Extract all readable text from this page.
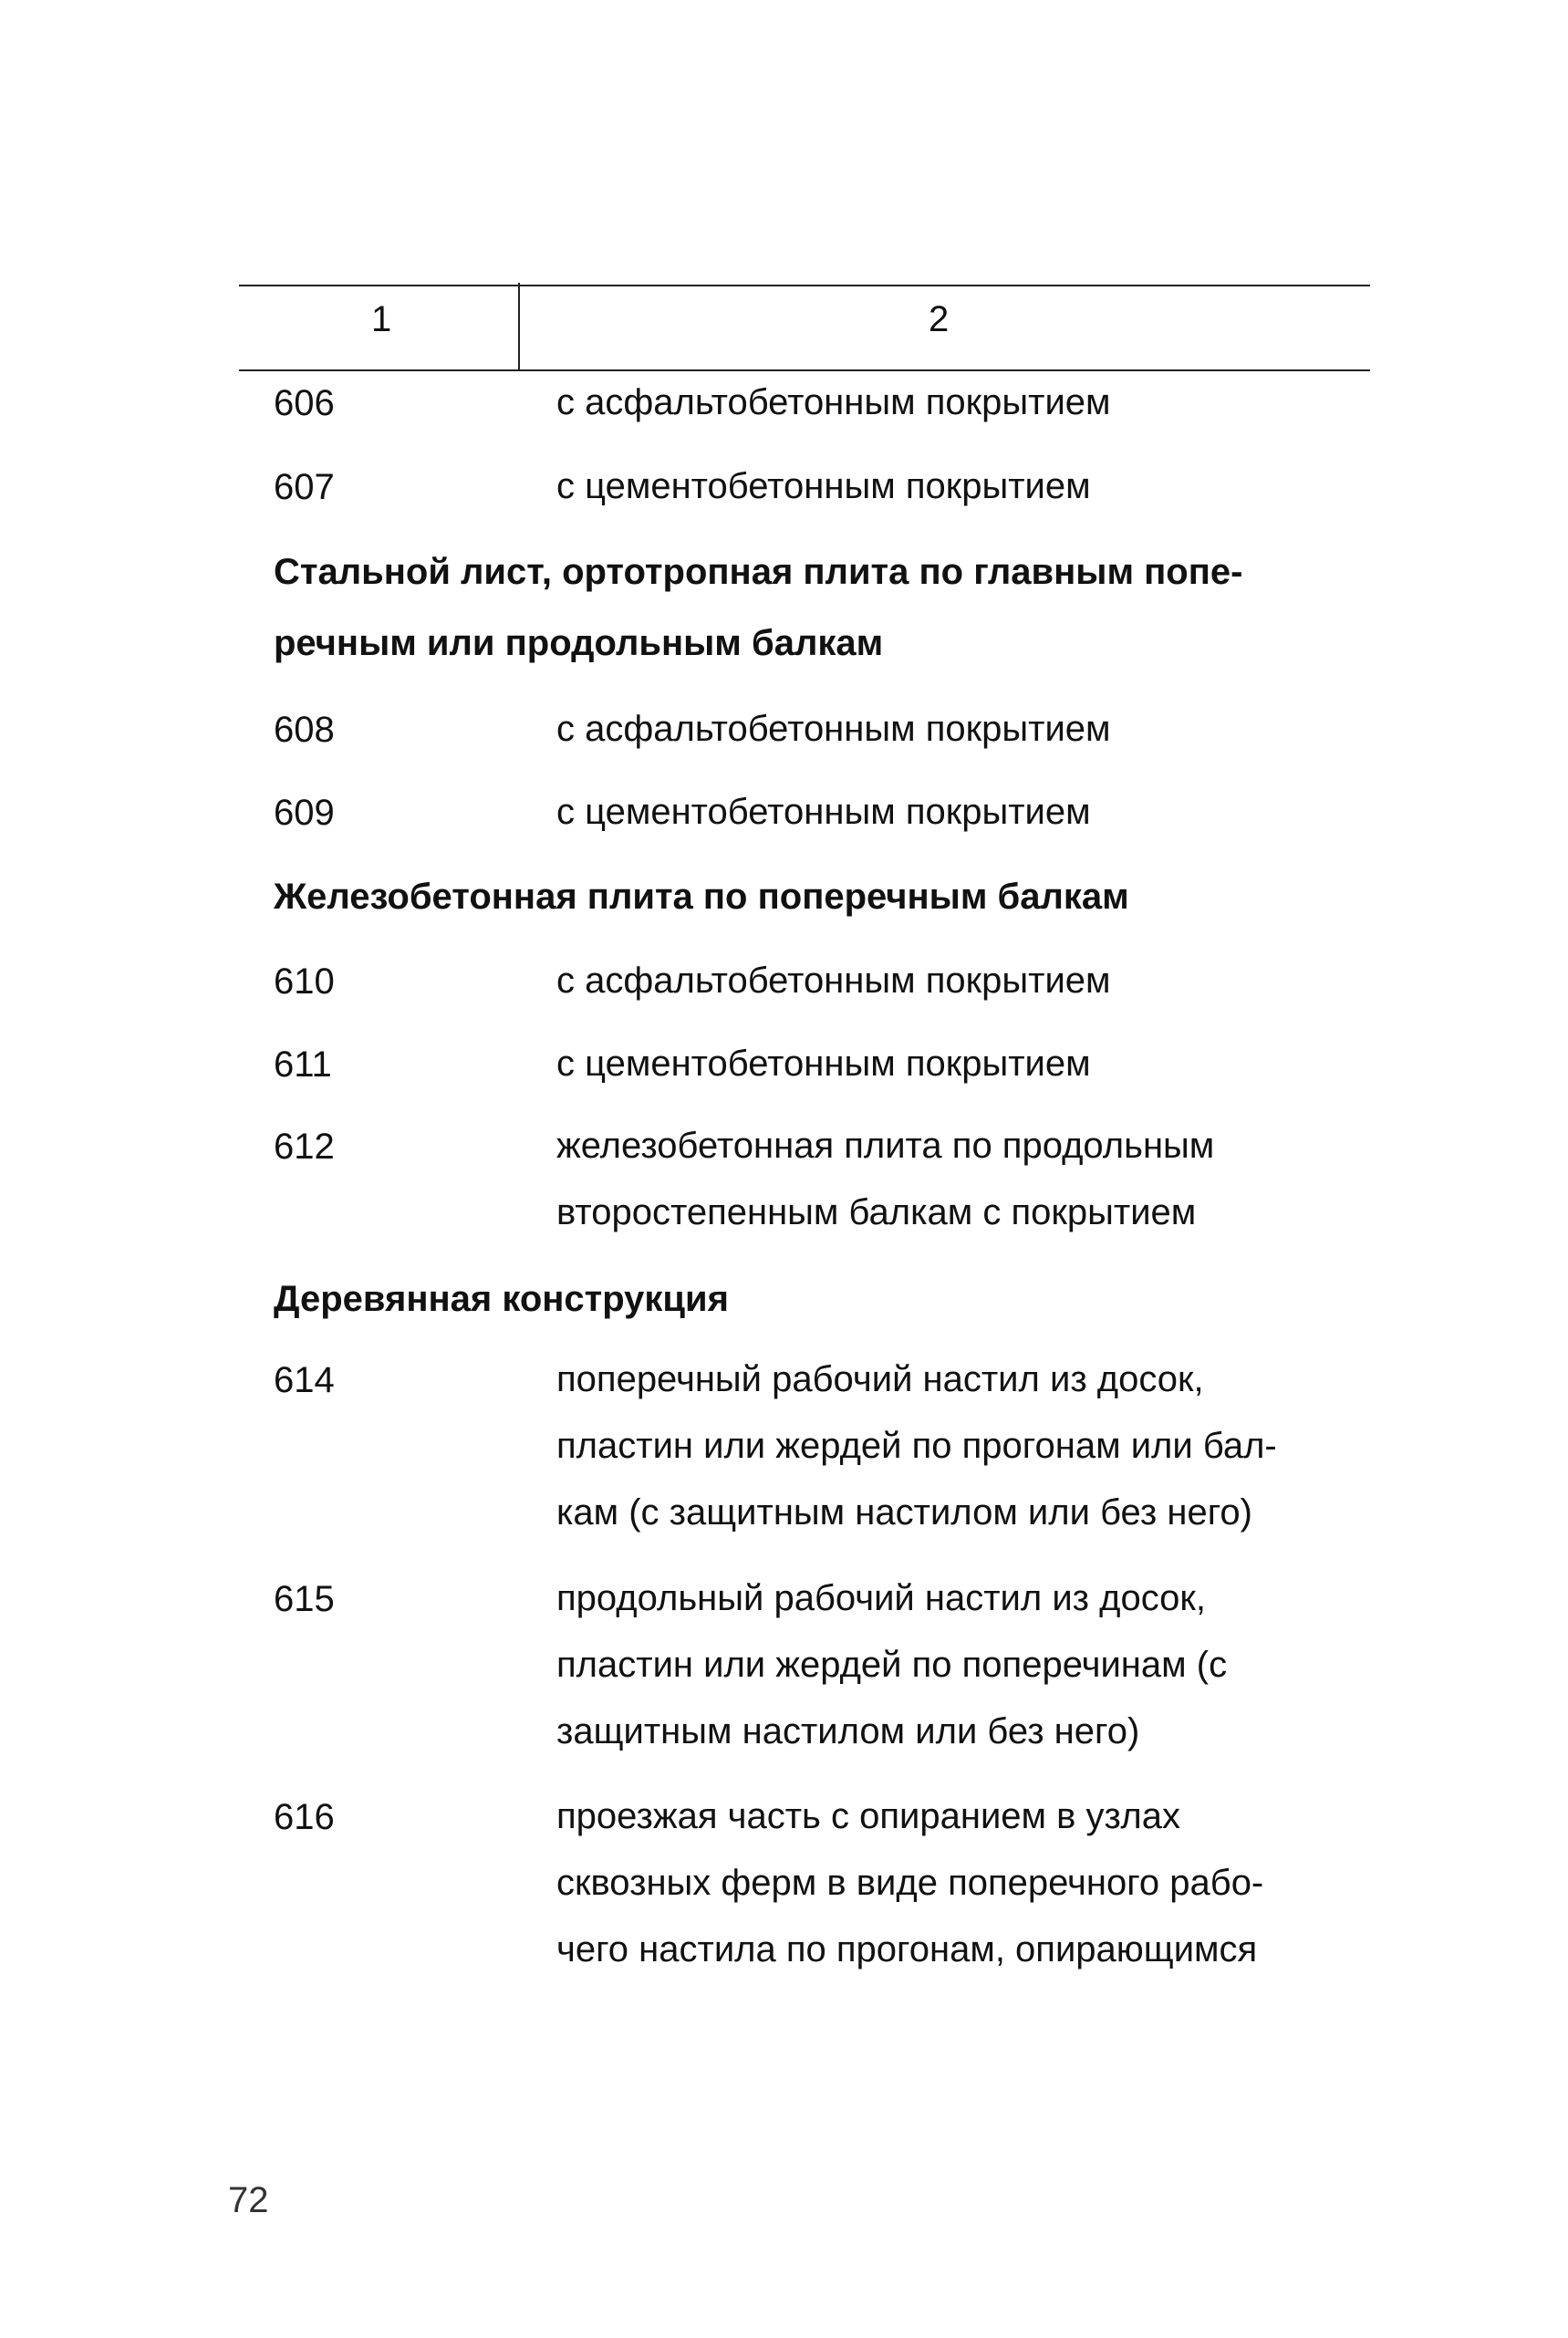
1	2
606	с асфальтобетонным покрытием
607	с цементобетонным покрытием
Стальной лист, ортотропная плита по главным попе-
речным или продольным балкам
608	с асфальтобетонным покрытием
609	с цементобетонным покрытием
Железобетонная плита по поперечным балкам
610	с асфальтобетонным покрытием
611	с цементобетонным покрытием
612	железобетонная плита по продольным
второстепенным балкам с покрытием
Деревянная конструкция
614	поперечный рабочий настил из досок,
пластин или жердей по прогонам или бал-
кам (с защитным настилом или без него)
615	продольный рабочий настил из досок,
пластин или жердей по поперечинам (с
защитным настилом или без него)
616	проезжая часть с опиранием в узлах
сквозных ферм в виде поперечного рабо-
чего настила по прогонам, опирающимся
72
